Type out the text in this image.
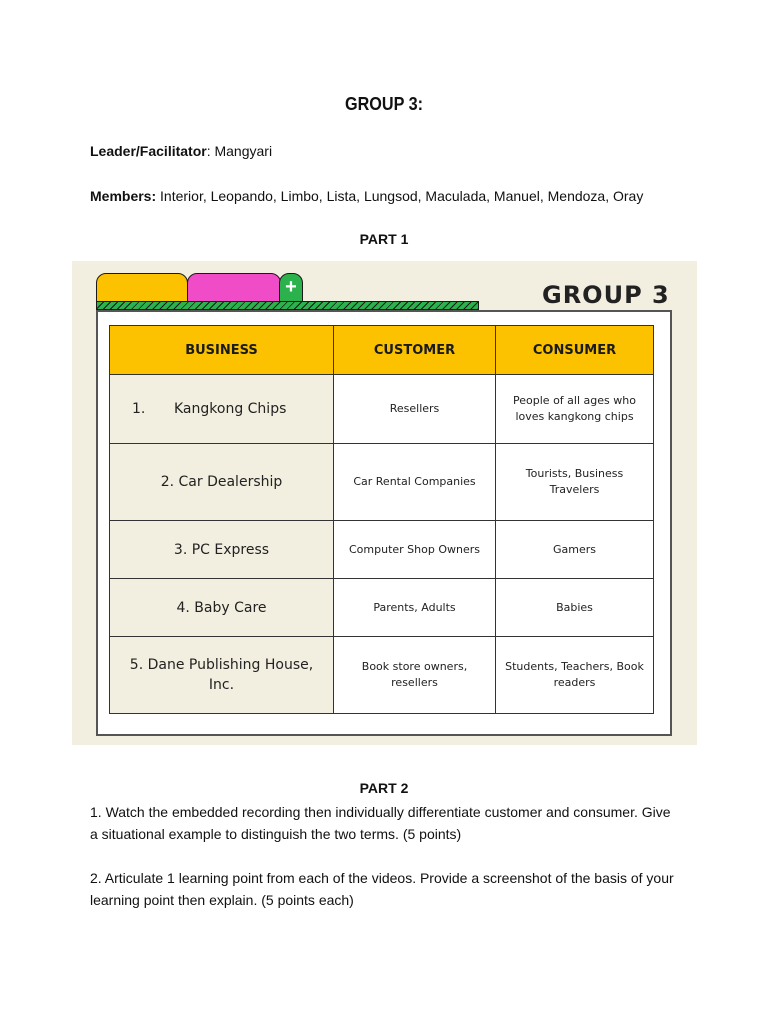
GROUP 3:
Leader/Facilitator: Mangyari
Members: Interior, Leopando, Limbo, Lista, Lungsod, Maculada, Manuel, Mendoza, Oray
PART 1
+	GROUP 3
BUSINESS	CUSTOMER	CONSUMER
1. Kangkong Chips	Resellers	People of all ages who loves kangkong chips
2. Car Dealership	Car Rental Companies	Tourists, Business Travelers
3. PC Express	Computer Shop Owners	Gamers
4. Baby Care	Parents, Adults	Babies
5. Dane Publishing House, Inc.	Book store owners, resellers	Students, Teachers, Book readers
PART 2
1. Watch the embedded recording then individually differentiate customer and consumer. Give a situational example to distinguish the two terms. (5 points)
2. Articulate 1 learning point from each of the videos. Provide a screenshot of the basis of your learning point then explain. (5 points each)
